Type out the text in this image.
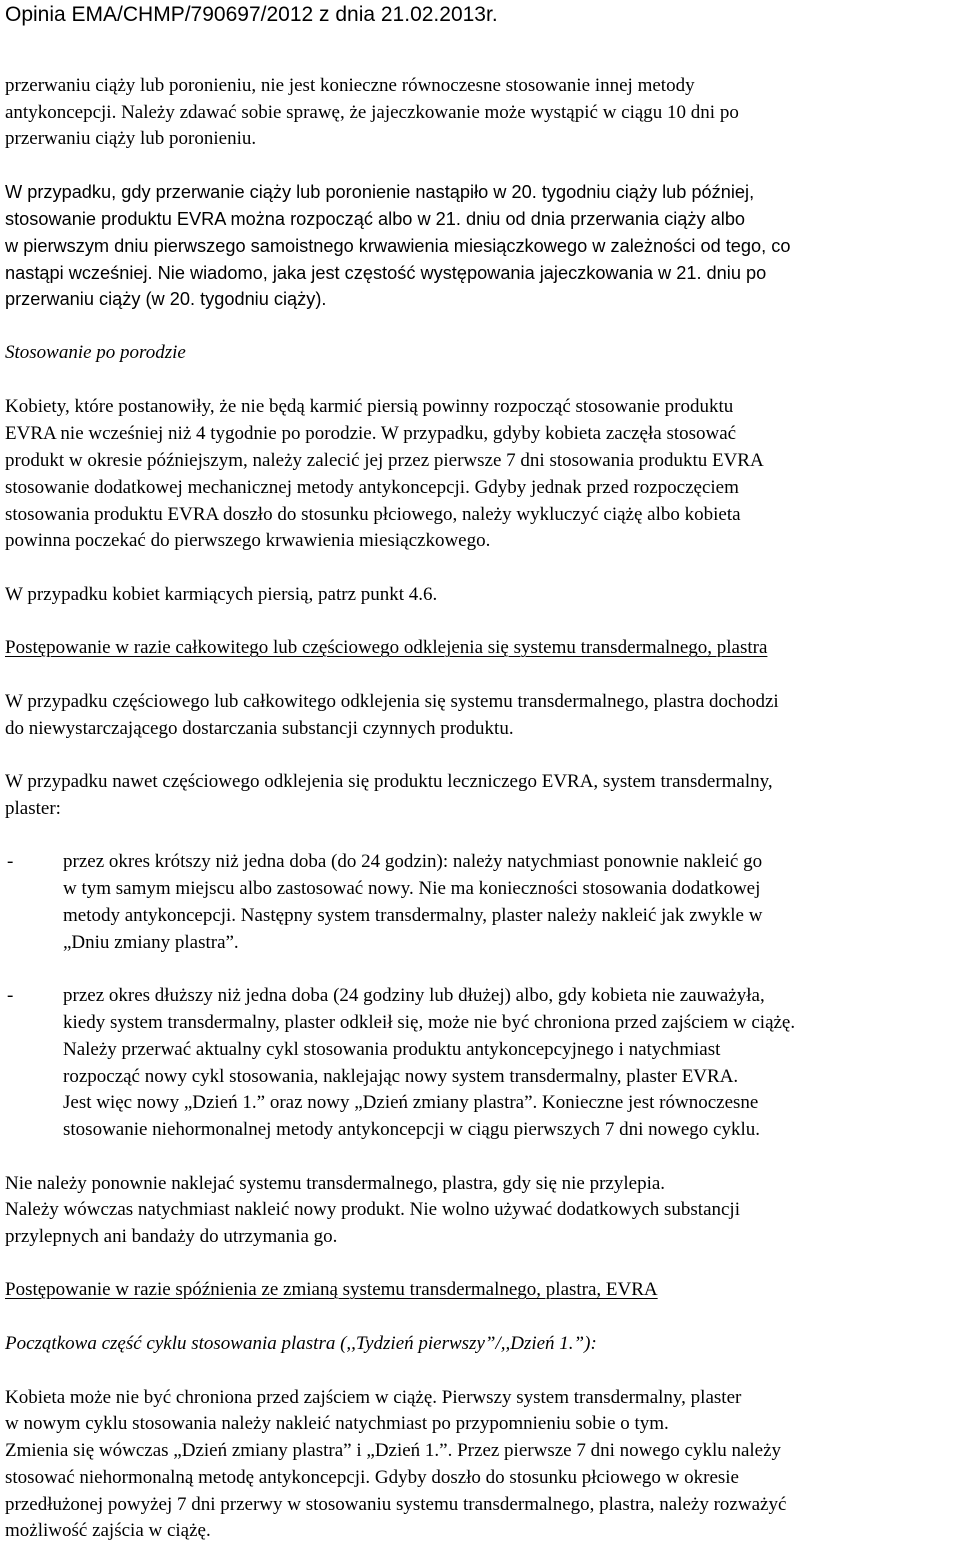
Opinia EMA/CHMP/790697/2012 z dnia 21.02.2013r.
przerwaniu ciąży lub poronieniu, nie jest konieczne równoczesne stosowanie innej metody
antykoncepcji. Należy zdawać sobie sprawę, że jajeczkowanie może wystąpić w ciągu 10 dni po
przerwaniu ciąży lub poronieniu.
W przypadku, gdy przerwanie ciąży lub poronienie nastąpiło w 20. tygodniu ciąży lub później,
stosowanie produktu EVRA można rozpocząć albo w 21. dniu od dnia przerwania ciąży albo
w pierwszym dniu pierwszego samoistnego krwawienia miesiączkowego w zależności od tego, co
nastąpi wcześniej. Nie wiadomo, jaka jest częstość występowania jajeczkowania w 21. dniu po
przerwaniu ciąży (w 20. tygodniu ciąży).
Stosowanie po porodzie
Kobiety, które postanowiły, że nie będą karmić piersią powinny rozpocząć stosowanie produktu
EVRA nie wcześniej niż 4 tygodnie po porodzie. W przypadku, gdyby kobieta zaczęła stosować
produkt w okresie późniejszym, należy zalecić jej przez pierwsze 7 dni stosowania produktu EVRA
stosowanie dodatkowej mechanicznej metody antykoncepcji. Gdyby jednak przed rozpoczęciem
stosowania produktu EVRA doszło do stosunku płciowego, należy wykluczyć ciążę albo kobieta
powinna poczekać do pierwszego krwawienia miesiączkowego.
W przypadku kobiet karmiących piersią, patrz punkt 4.6.
Postępowanie w razie całkowitego lub częściowego odklejenia się systemu transdermalnego, plastra
W przypadku częściowego lub całkowitego odklejenia się systemu transdermalnego, plastra dochodzi
do niewystarczającego dostarczania substancji czynnych produktu.
W przypadku nawet częściowego odklejenia się produktu leczniczego EVRA, system transdermalny,
plaster:
-	przez okres krótszy niż jedna doba (do 24 godzin): należy natychmiast ponownie nakleić go
w tym samym miejscu albo zastosować nowy. Nie ma konieczności stosowania dodatkowej
metody antykoncepcji. Następny system transdermalny, plaster należy nakleić jak zwykle w
„Dniu zmiany plastra”.
-	przez okres dłuższy niż jedna doba (24 godziny lub dłużej) albo, gdy kobieta nie zauważyła,
kiedy system transdermalny, plaster odkleił się, może nie być chroniona przed zajściem w ciążę.
Należy przerwać aktualny cykl stosowania produktu antykoncepcyjnego i natychmiast
rozpocząć nowy cykl stosowania, naklejając nowy system transdermalny, plaster EVRA.
Jest więc nowy „Dzień 1.” oraz nowy „Dzień zmiany plastra”. Konieczne jest równoczesne
stosowanie niehormonalnej metody antykoncepcji w ciągu pierwszych 7 dni nowego cyklu.
Nie należy ponownie naklejać systemu transdermalnego, plastra, gdy się nie przylepia.
Należy wówczas natychmiast nakleić nowy produkt. Nie wolno używać dodatkowych substancji
przylepnych ani bandaży do utrzymania go.
Postępowanie w razie spóźnienia ze zmianą systemu transdermalnego, plastra, EVRA
Początkowa część cyklu stosowania plastra (,,Tydzień pierwszy”/,,Dzień 1.”):
Kobieta może nie być chroniona przed zajściem w ciążę. Pierwszy system transdermalny, plaster
w nowym cyklu stosowania należy nakleić natychmiast po przypomnieniu sobie o tym.
Zmienia się wówczas „Dzień zmiany plastra” i „Dzień 1.”. Przez pierwsze 7 dni nowego cyklu należy
stosować niehormonalną metodę antykoncepcji. Gdyby doszło do stosunku płciowego w okresie
przedłużonej powyżej 7 dni przerwy w stosowaniu systemu transdermalnego, plastra, należy rozważyć
możliwość zajścia w ciążę.
